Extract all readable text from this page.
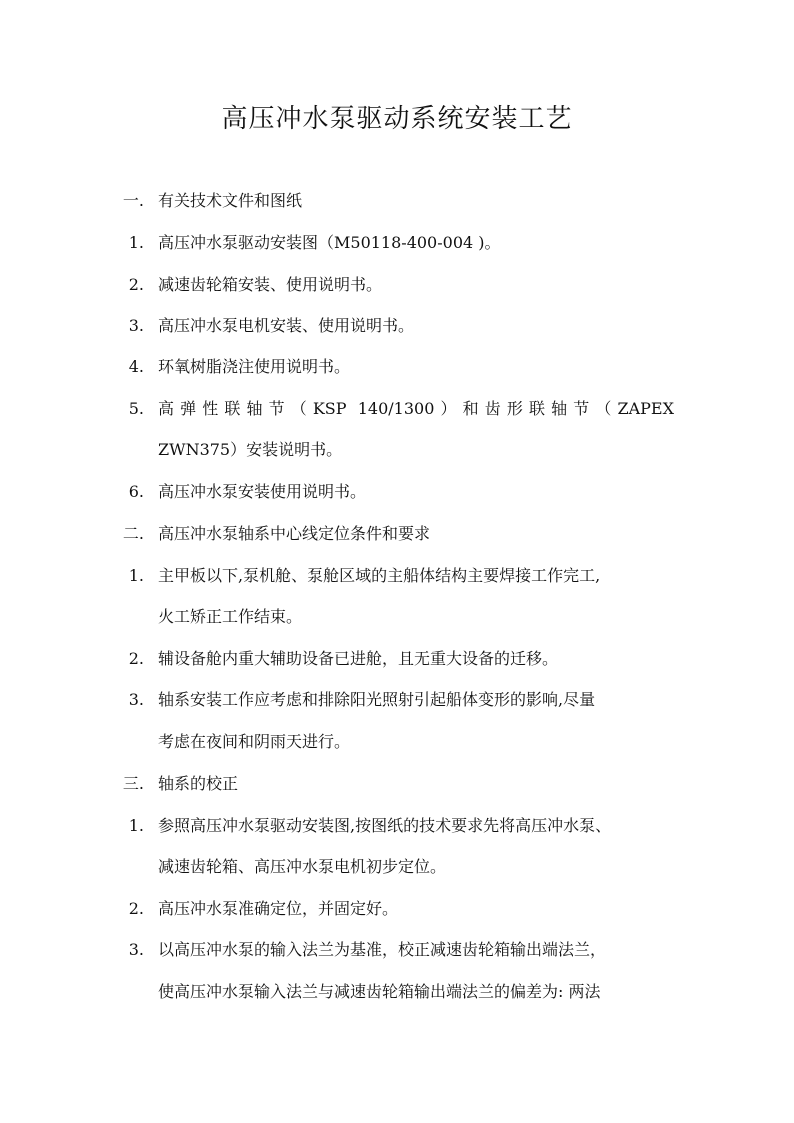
高压冲水泵驱动系统安装工艺
一. 有关技术文件和图纸
1. 高压冲水泵驱动安装图（M50118-400-004 )。
2. 减速齿轮箱安装、使用说明书。
3. 高压冲水泵电机安装、使用说明书。
4. 环氧树脂浇注使用说明书。
5. 高弹性联轴节（KSP 140/1300）和齿形联轴节（ZAPEX
ZWN375）安装说明书。
6. 高压冲水泵安装使用说明书。
二. 高压冲水泵轴系中心线定位条件和要求
1. 主甲板以下,泵机舱、泵舱区域的主船体结构主要焊接工作完工,
火工矫正工作结束。
2. 辅设备舱内重大辅助设备已进舱，且无重大设备的迁移。
3. 轴系安装工作应考虑和排除阳光照射引起船体变形的影响,尽量
考虑在夜间和阴雨天进行。
三. 轴系的校正
1. 参照高压冲水泵驱动安装图,按图纸的技术要求先将高压冲水泵、
减速齿轮箱、高压冲水泵电机初步定位。
2. 高压冲水泵准确定位，并固定好。
3. 以高压冲水泵的输入法兰为基准，校正减速齿轮箱输出端法兰，
使高压冲水泵输入法兰与减速齿轮箱输出端法兰的偏差为: 两法
